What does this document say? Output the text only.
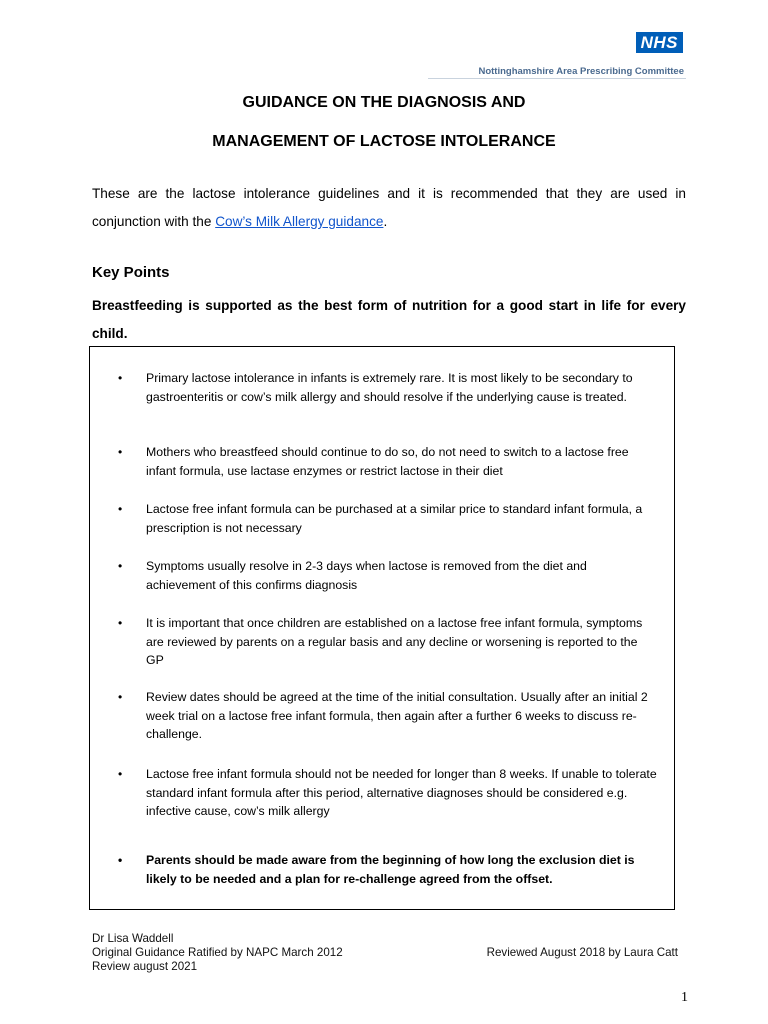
NHS
Nottinghamshire Area Prescribing Committee
GUIDANCE ON THE DIAGNOSIS AND
MANAGEMENT OF LACTOSE INTOLERANCE
These are the lactose intolerance guidelines and it is recommended that they are used in conjunction with the Cow’s Milk Allergy guidance.
Key Points
Breastfeeding is supported as the best form of nutrition for a good start in life for every child.
• Primary lactose intolerance in infants is extremely rare. It is most likely to be secondary to gastroenteritis or cow’s milk allergy and should resolve if the underlying cause is treated.
• Mothers who breastfeed should continue to do so, do not need to switch to a lactose free infant formula, use lactase enzymes or restrict lactose in their diet
• Lactose free infant formula can be purchased at a similar price to standard infant formula, a prescription is not necessary
• Symptoms usually resolve in 2-3 days when lactose is removed from the diet and achievement of this confirms diagnosis
• It is important that once children are established on a lactose free infant formula, symptoms are reviewed by parents on a regular basis and any decline or worsening is reported to the GP
• Review dates should be agreed at the time of the initial consultation. Usually after an initial 2 week trial on a lactose free infant formula, then again after a further 6 weeks to discuss re-challenge.
• Lactose free infant formula should not be needed for longer than 8 weeks. If unable to tolerate standard infant formula after this period, alternative diagnoses should be considered e.g. infective cause, cow’s milk allergy
• Parents should be made aware from the beginning of how long the exclusion diet is likely to be needed and a plan for re-challenge agreed from the offset.
Dr Lisa Waddell
Original Guidance Ratified by NAPC March 2012	Reviewed August 2018 by Laura Catt
Review august 2021
1
